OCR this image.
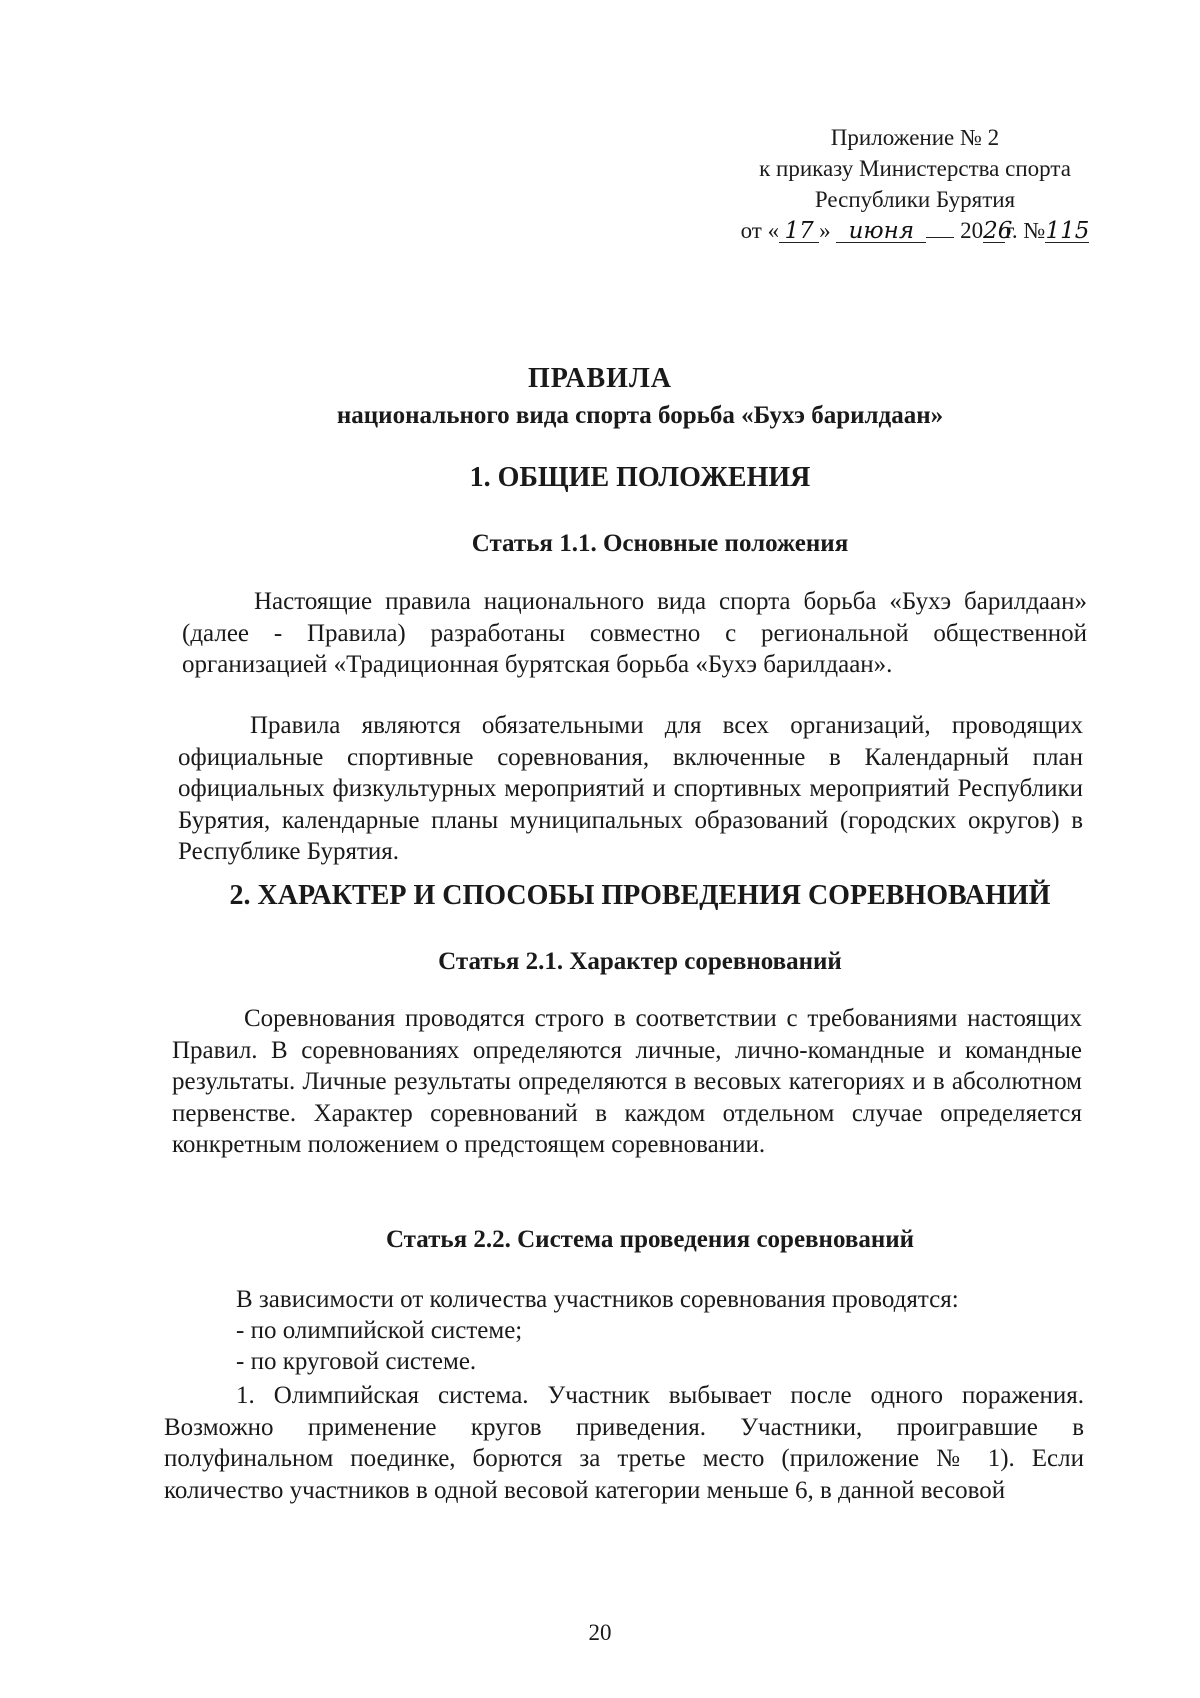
Приложение № 2
к приказу Министерства спорта
Республики Бурятия
от « 17 » июня 2026г. №115
ПРАВИЛА
национального вида спорта борьба «Бухэ барилдаан»
1. ОБЩИЕ ПОЛОЖЕНИЯ
Статья 1.1. Основные положения
Настоящие правила национального вида спорта борьба «Бухэ барилдаан» (далее - Правила) разработаны совместно с региональной общественной организацией «Традиционная бурятская борьба «Бухэ барилдаан».
Правила являются обязательными для всех организаций, проводящих официальные спортивные соревнования, включенные в Календарный план официальных физкультурных мероприятий и спортивных мероприятий Республики Бурятия, календарные планы муниципальных образований (городских округов) в Республике Бурятия.
2. ХАРАКТЕР И СПОСОБЫ ПРОВЕДЕНИЯ СОРЕВНОВАНИЙ
Статья 2.1. Характер соревнований
Соревнования проводятся строго в соответствии с требованиями настоящих Правил. В соревнованиях определяются личные, лично-командные и командные результаты. Личные результаты определяются в весовых категориях и в абсолютном первенстве. Характер соревнований в каждом отдельном случае определяется конкретным положением о предстоящем соревновании.
Статья 2.2. Система проведения соревнований
В зависимости от количества участников соревнования проводятся:
- по олимпийской системе;
- по круговой системе.
1. Олимпийская система. Участник выбывает после одного поражения. Возможно применение кругов приведения. Участники, проигравшие в полуфинальном поединке, борются за третье место (приложение № 1). Если количество участников в одной весовой категории меньше 6, в данной весовой
20
